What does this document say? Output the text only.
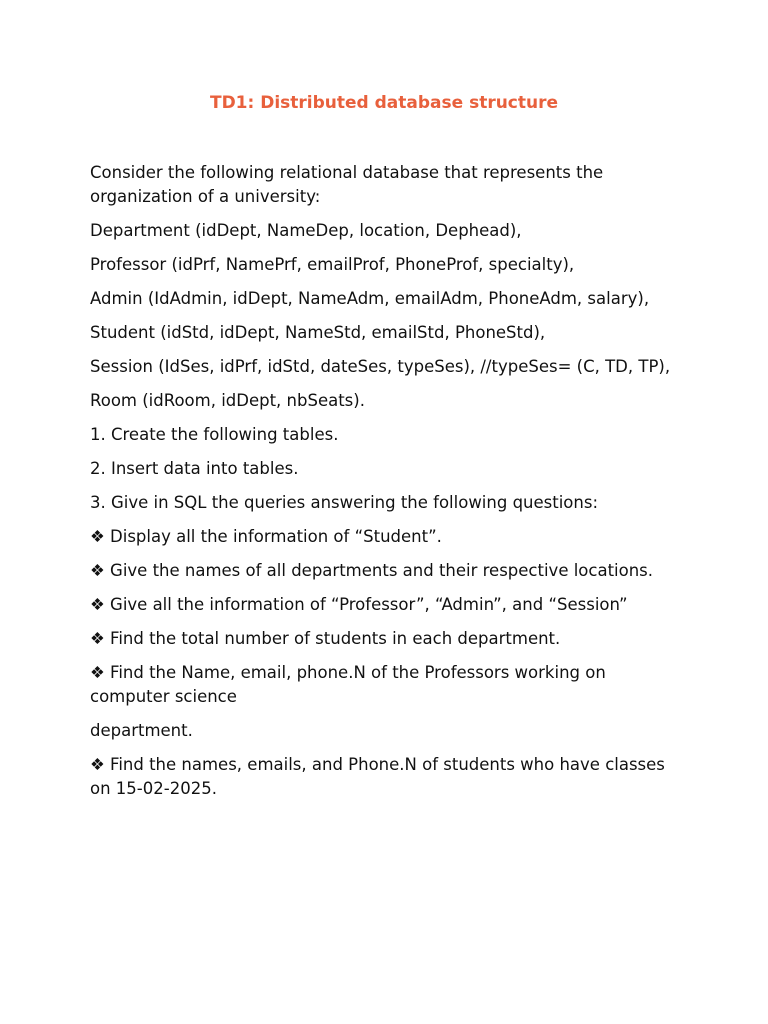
TD1: Distributed database structure

Consider the following relational database that represents the organization of a university:

Department (idDept, NameDep, location, Dephead),

Professor (idPrf, NamePrf, emailProf, PhoneProf, specialty),

Admin (IdAdmin, idDept, NameAdm, emailAdm, PhoneAdm, salary),

Student (idStd, idDept, NameStd, emailStd, PhoneStd),

Session (IdSes, idPrf, idStd, dateSes, typeSes), //typeSes= (C, TD, TP),

Room (idRoom, idDept, nbSeats).

1. Create the following tables.

2. Insert data into tables.

3. Give in SQL the queries answering the following questions:

❖ Display all the information of “Student”.

❖ Give the names of all departments and their respective locations.

❖ Give all the information of “Professor”, “Admin”, and “Session”

❖ Find the total number of students in each department.

❖ Find the Name, email, phone.N of the Professors working on computer science

department.

❖ Find the names, emails, and Phone.N of students who have classes on 15-02-2025.
